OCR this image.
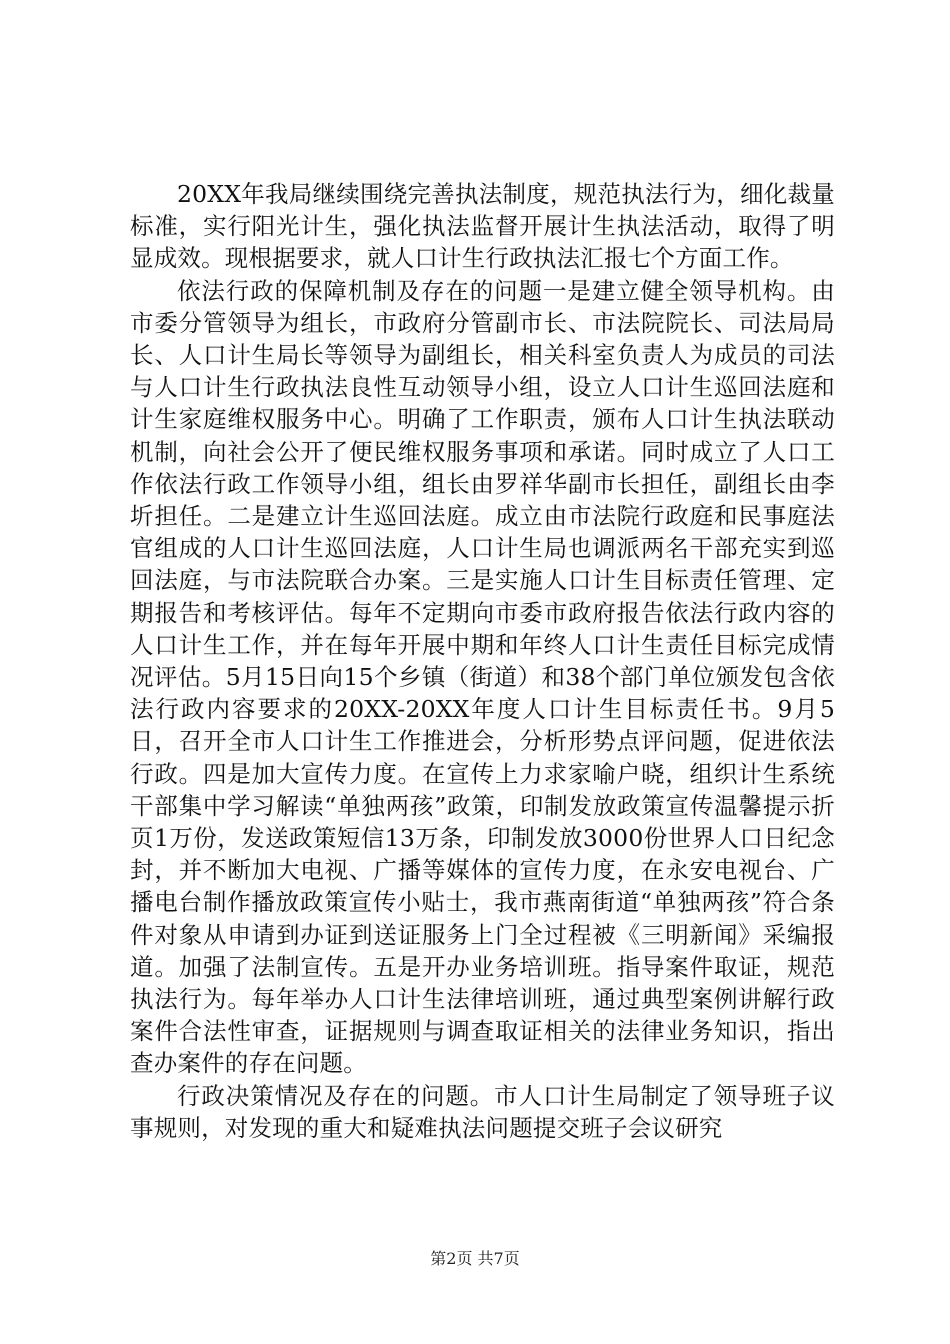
20XX年我局继续围绕完善执法制度，规范执法行为，细化裁量标准，实行阳光计生，强化执法监督开展计生执法活动，取得了明显成效。现根据要求，就人口计生行政执法汇报七个方面工作。

依法行政的保障机制及存在的问题一是建立健全领导机构。由市委分管领导为组长，市政府分管副市长、市法院院长、司法局局长、人口计生局长等领导为副组长，相关科室负责人为成员的司法与人口计生行政执法良性互动领导小组，设立人口计生巡回法庭和计生家庭维权服务中心。明确了工作职责，颁布人口计生执法联动机制，向社会公开了便民维权服务事项和承诺。同时成立了人口工作依法行政工作领导小组，组长由罗祥华副市长担任，副组长由李圻担任。二是建立计生巡回法庭。成立由市法院行政庭和民事庭法官组成的人口计生巡回法庭，人口计生局也调派两名干部充实到巡回法庭，与市法院联合办案。三是实施人口计生目标责任管理、定期报告和考核评估。每年不定期向市委市政府报告依法行政内容的人口计生工作，并在每年开展中期和年终人口计生责任目标完成情况评估。5月15日向15个乡镇（街道）和38个部门单位颁发包含依法行政内容要求的20XX-20XX年度人口计生目标责任书。9月5日，召开全市人口计生工作推进会，分析形势点评问题，促进依法行政。四是加大宣传力度。在宣传上力求家喻户晓，组织计生系统干部集中学习解读“单独两孩”政策，印制发放政策宣传温馨提示折页1万份，发送政策短信13万条，印制发放3000份世界人口日纪念封，并不断加大电视、广播等媒体的宣传力度，在永安电视台、广播电台制作播放政策宣传小贴士，我市燕南街道“单独两孩”符合条件对象从申请到办证到送证服务上门全过程被《三明新闻》采编报道。加强了法制宣传。五是开办业务培训班。指导案件取证，规范执法行为。每年举办人口计生法律培训班，通过典型案例讲解行政案件合法性审查，证据规则与调查取证相关的法律业务知识，指出查办案件的存在问题。

行政决策情况及存在的问题。市人口计生局制定了领导班子议事规则，对发现的重大和疑难执法问题提交班子会议研究

第2页 共7页
